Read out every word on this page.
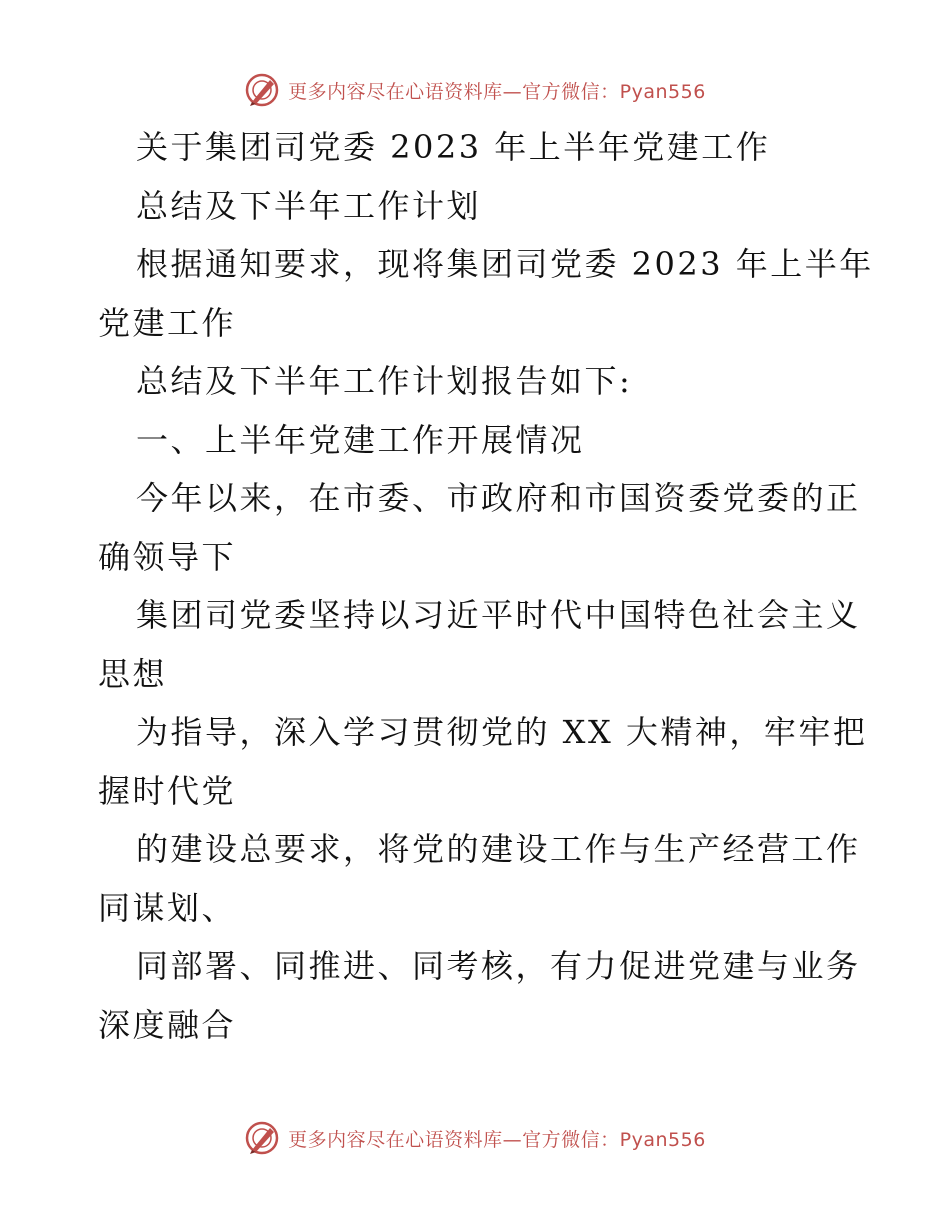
更多内容尽在心语资料库—官方微信：Pyan556
关于集团司党委 2023 年上半年党建工作
总结及下半年工作计划
根据通知要求，现将集团司党委 2023 年上半年
党建工作
总结及下半年工作计划报告如下:
一、上半年党建工作开展情况
今年以来，在市委、市政府和市国资委党委的正
确领导下
集团司党委坚持以习近平时代中国特色社会主义
思想
为指导，深入学习贯彻党的 XX 大精神，牢牢把
握时代党
的建设总要求，将党的建设工作与生产经营工作
同谋划、
同部署、同推进、同考核，有力促进党建与业务
深度融合
更多内容尽在心语资料库—官方微信：Pyan556
